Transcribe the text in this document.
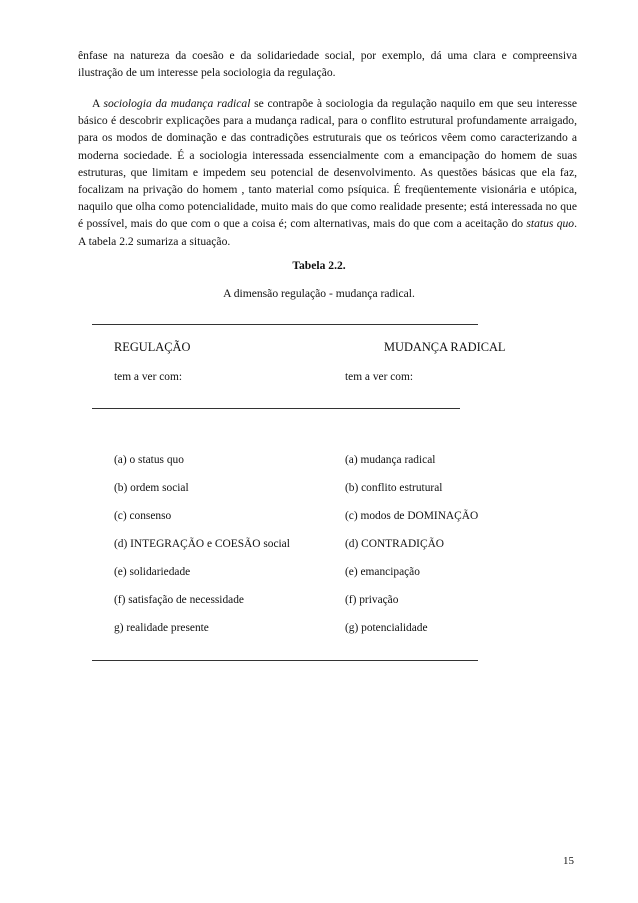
ênfase na natureza da coesão e da solidariedade social, por exemplo, dá uma clara e compreensiva ilustração de um interesse pela sociologia da regulação.

A sociologia da mudança radical se contrapõe à sociologia da regulação naquilo em que seu interesse básico é descobrir explicações para a mudança radical, para o conflito estrutural profundamente arraigado, para os modos de dominação e das contradições estruturais que os teóricos vêem como caracterizando a moderna sociedade. É a sociologia interessada essencialmente com a emancipação do homem de suas estruturas, que limitam e impedem seu potencial de desenvolvimento. As questões básicas que ela faz, focalizam na privação do homem , tanto material como psíquica. É freqüentemente visionária e utópica, naquilo que olha como potencialidade, muito mais do que como realidade presente; está interessada no que é possível, mais do que com o que a coisa é; com alternativas, mais do que com a aceitação do status quo. A tabela 2.2 sumariza a situação.

Tabela 2.2.

A dimensão regulação - mudança radical.

REGULAÇÃO	MUDANÇA RADICAL

tem a ver com:	tem a ver com:

(a) o status quo	(a) mudança radical

(b) ordem social	(b) conflito estrutural

(c) consenso	(c) modos de DOMINAÇÃO

(d) INTEGRAÇÃO e COESÃO social	(d) CONTRADIÇÃO

(e) solidariedade	(e) emancipação

(f) satisfação de necessidade	(f) privação

g) realidade presente	(g) potencialidade

15
